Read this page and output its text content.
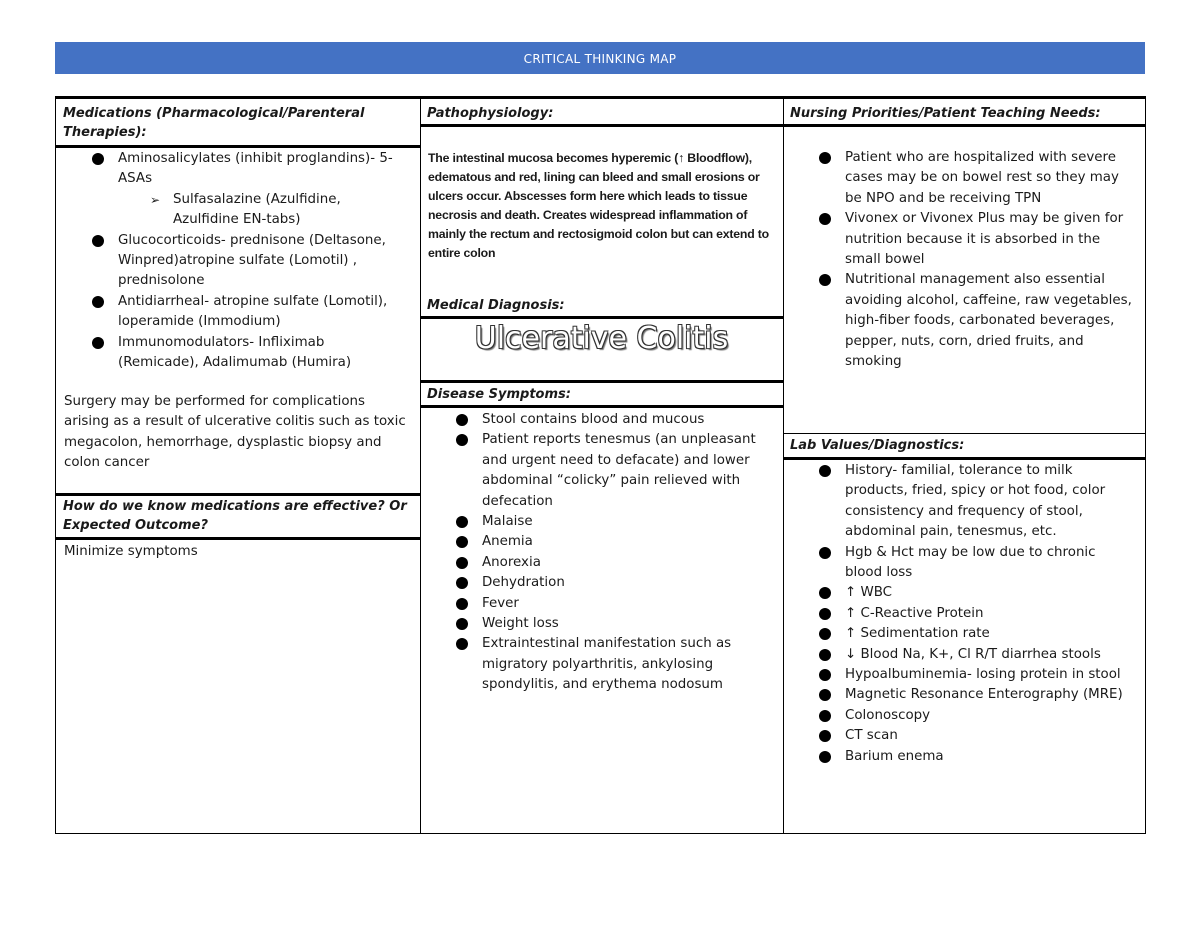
CRITICAL THINKING MAP
Medications (Pharmacological/Parenteral Therapies):
Aminosalicylates (inhibit proglandins)- 5-ASAs
➢ Sulfasalazine (Azulfidine, Azulfidine EN-tabs)
Glucocorticoids- prednisone (Deltasone, Winpred)atropine sulfate (Lomotil) , prednisolone
Antidiarrheal- atropine sulfate (Lomotil), loperamide (Immodium)
Immunomodulators- Infliximab (Remicade), Adalimumab (Humira)
Surgery may be performed for complications arising as a result of ulcerative colitis such as toxic megacolon, hemorrhage, dysplastic biopsy and colon cancer
How do we know medications are effective? Or Expected Outcome?
Minimize symptoms
Pathophysiology:
The intestinal mucosa becomes hyperemic (↑ Bloodflow), edematous and red, lining can bleed and small erosions or ulcers occur. Abscesses form here which leads to tissue necrosis and death. Creates widespread inflammation of mainly the rectum and rectosigmoid colon but can extend to entire colon
Medical Diagnosis:
Ulcerative Colitis
Disease Symptoms:
Stool contains blood and mucous
Patient reports tenesmus (an unpleasant and urgent need to defacate) and lower abdominal “colicky” pain relieved with defecation
Malaise
Anemia
Anorexia
Dehydration
Fever
Weight loss
Extraintestinal manifestation such as migratory polyarthritis, ankylosing spondylitis, and erythema nodosum
Nursing Priorities/Patient Teaching Needs:
Patient who are hospitalized with severe cases may be on bowel rest so they may be NPO and be receiving TPN
Vivonex or Vivonex Plus may be given for nutrition because it is absorbed in the small bowel
Nutritional management also essential avoiding alcohol, caffeine, raw vegetables, high-fiber foods, carbonated beverages, pepper, nuts, corn, dried fruits, and smoking
Lab Values/Diagnostics:
History- familial, tolerance to milk products, fried, spicy or hot food, color consistency and frequency of stool, abdominal pain, tenesmus, etc.
Hgb & Hct may be low due to chronic blood loss
↑ WBC
↑ C-Reactive Protein
↑ Sedimentation rate
↓ Blood Na, K+, Cl R/T diarrhea stools
Hypoalbuminemia- losing protein in stool
Magnetic Resonance Enterography (MRE)
Colonoscopy
CT scan
Barium enema
